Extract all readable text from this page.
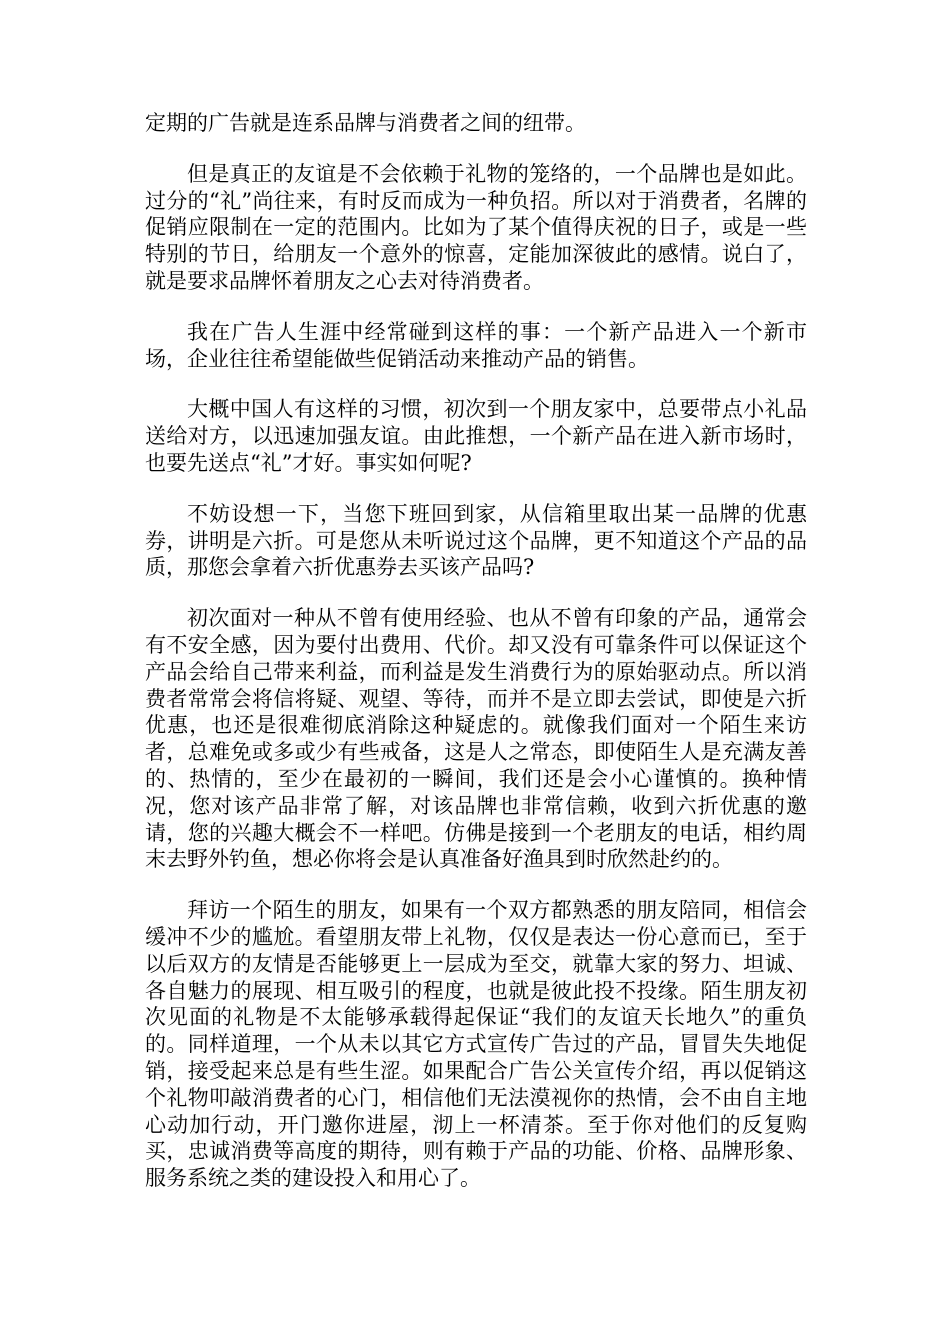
定期的广告就是连系品牌与消费者之间的纽带。

但是真正的友谊是不会依赖于礼物的笼络的，一个品牌也是如此。过分的“礼”尚往来，有时反而成为一种负招。所以对于消费者，名牌的促销应限制在一定的范围内。比如为了某个值得庆祝的日子，或是一些特别的节日，给朋友一个意外的惊喜，定能加深彼此的感情。说白了，就是要求品牌怀着朋友之心去对待消费者。

我在广告人生涯中经常碰到这样的事：一个新产品进入一个新市场，企业往往希望能做些促销活动来推动产品的销售。

大概中国人有这样的习惯，初次到一个朋友家中，总要带点小礼品送给对方，以迅速加强友谊。由此推想，一个新产品在进入新市场时，也要先送点“礼”才好。事实如何呢?

不妨设想一下，当您下班回到家，从信箱里取出某一品牌的优惠券，讲明是六折。可是您从未听说过这个品牌，更不知道这个产品的品质，那您会拿着六折优惠券去买该产品吗?

初次面对一种从不曾有使用经验、也从不曾有印象的产品，通常会有不安全感，因为要付出费用、代价。却又没有可靠条件可以保证这个产品会给自己带来利益，而利益是发生消费行为的原始驱动点。所以消费者常常会将信将疑、观望、等待，而并不是立即去尝试，即使是六折优惠，也还是很难彻底消除这种疑虑的。就像我们面对一个陌生来访者，总难免或多或少有些戒备，这是人之常态，即使陌生人是充满友善的、热情的，至少在最初的一瞬间，我们还是会小心谨慎的。换种情况，您对该产品非常了解，对该品牌也非常信赖，收到六折优惠的邀请，您的兴趣大概会不一样吧。仿佛是接到一个老朋友的电话，相约周末去野外钓鱼，想必你将会是认真准备好渔具到时欣然赴约的。

拜访一个陌生的朋友，如果有一个双方都熟悉的朋友陪同，相信会缓冲不少的尴尬。看望朋友带上礼物，仅仅是表达一份心意而已，至于以后双方的友情是否能够更上一层成为至交，就靠大家的努力、坦诚、各自魅力的展现、相互吸引的程度，也就是彼此投不投缘。陌生朋友初次见面的礼物是不太能够承载得起保证“我们的友谊天长地久”的重负的。同样道理，一个从未以其它方式宣传广告过的产品，冒冒失失地促销，接受起来总是有些生涩。如果配合广告公关宣传介绍，再以促销这个礼物叩敲消费者的心门，相信他们无法漠视你的热情，会不由自主地心动加行动，开门邀你进屋，沏上一杯清茶。至于你对他们的反复购买，忠诚消费等高度的期待，则有赖于产品的功能、价格、品牌形象、服务系统之类的建设投入和用心了。
